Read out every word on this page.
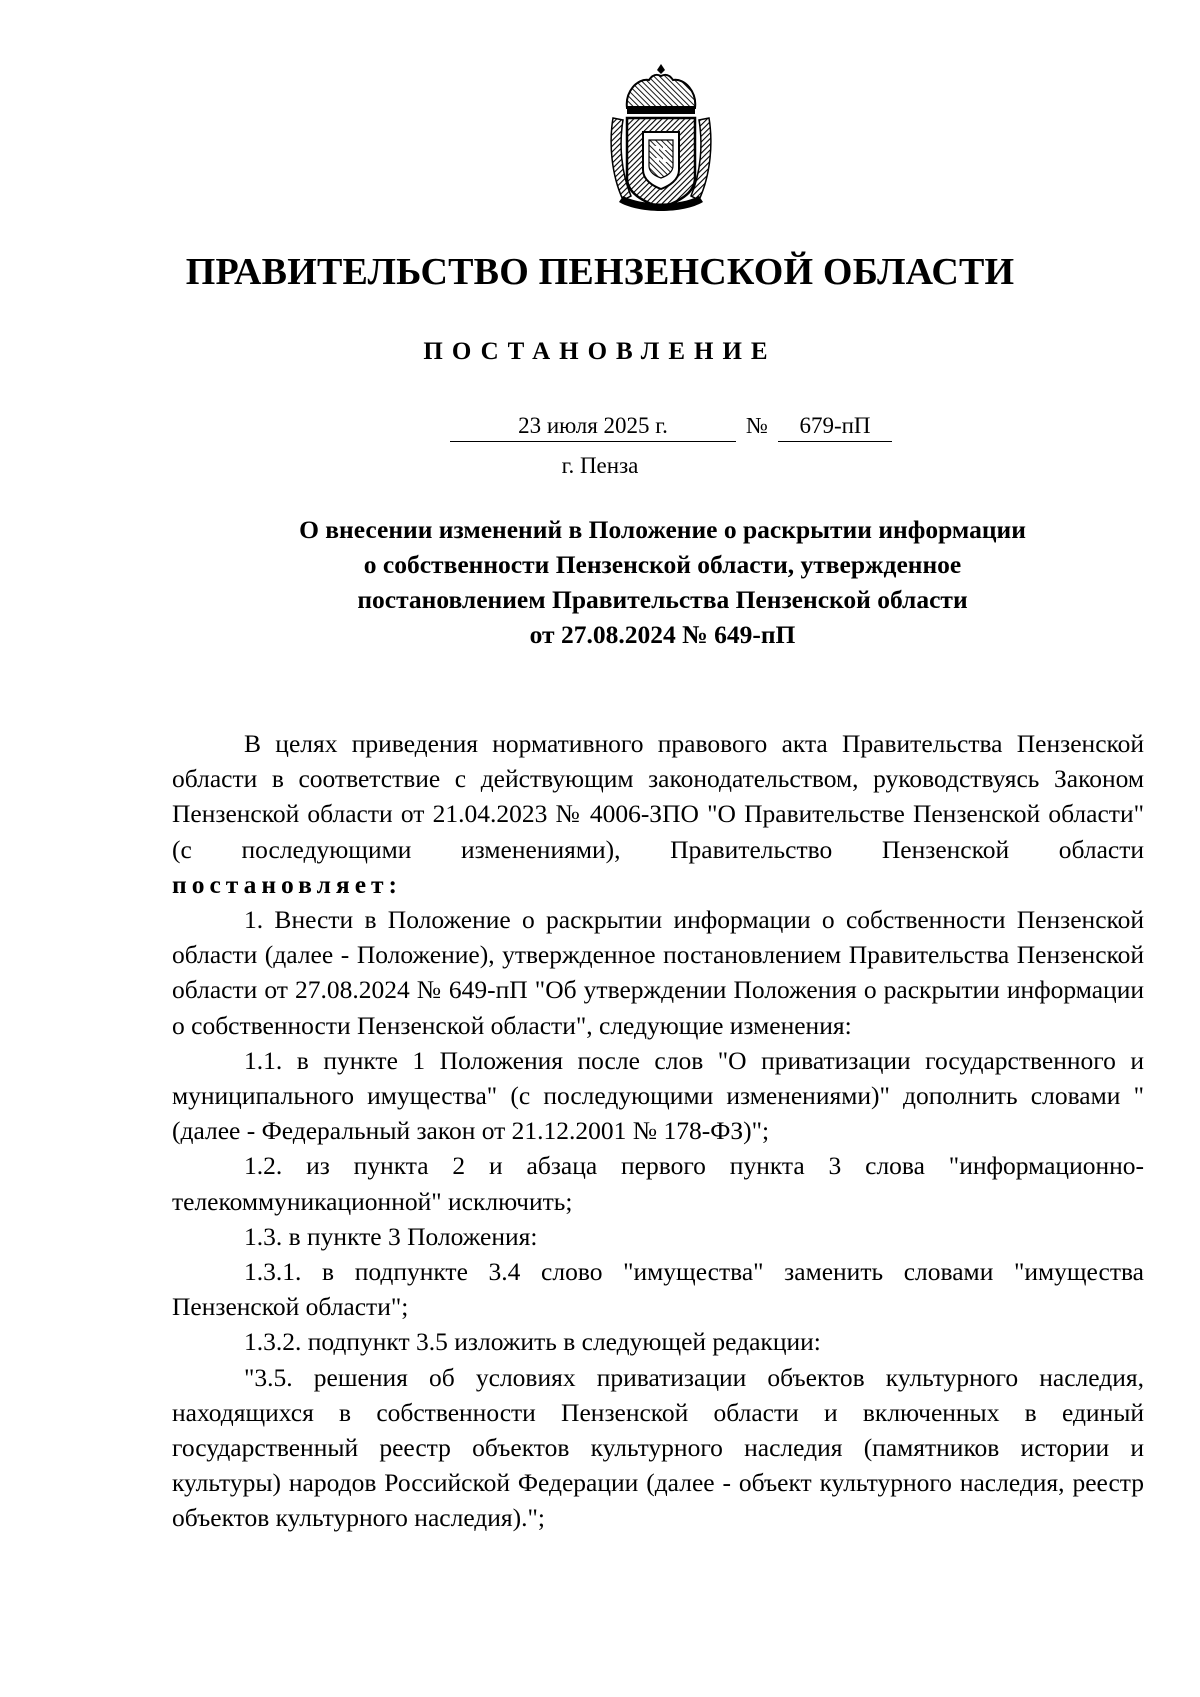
ПРАВИТЕЛЬСТВО ПЕНЗЕНСКОЙ ОБЛАСТИ
ПОСТАНОВЛЕНИЕ
23 июля 2025 г.	№	679-пП
г. Пенза
О внесении изменений в Положение о раскрытии информации
о собственности Пензенской области, утвержденное
постановлением Правительства Пензенской области
от 27.08.2024 № 649-пП

В целях приведения нормативного правового акта Правительства Пензенской области в соответствие с действующим законодательством, руководствуясь Законом Пензенской области от 21.04.2023 № 4006-ЗПО "О Правительстве Пензенской области" (с последующими изменениями), Правительство Пензенской области постановляет:

1. Внести в Положение о раскрытии информации о собственности Пензенской области (далее - Положение), утвержденное постановлением Правительства Пензенской области от 27.08.2024 № 649-пП "Об утверждении Положения о раскрытии информации о собственности Пензенской области", следующие изменения:

1.1. в пункте 1 Положения после слов "О приватизации государственного и муниципального имущества" (с последующими изменениями)" дополнить словами "(далее - Федеральный закон от 21.12.2001 № 178-ФЗ)";

1.2. из пункта 2 и абзаца первого пункта 3 слова "информационно-телекоммуникационной" исключить;

1.3. в пункте 3 Положения:

1.3.1. в подпункте 3.4 слово "имущества" заменить словами "имущества Пензенской области";

1.3.2. подпункт 3.5 изложить в следующей редакции:

"3.5. решения об условиях приватизации объектов культурного наследия, находящихся в собственности Пензенской области и включенных в единый государственный реестр объектов культурного наследия (памятников истории и культуры) народов Российской Федерации (далее - объект культурного наследия, реестр объектов культурного наследия).";
